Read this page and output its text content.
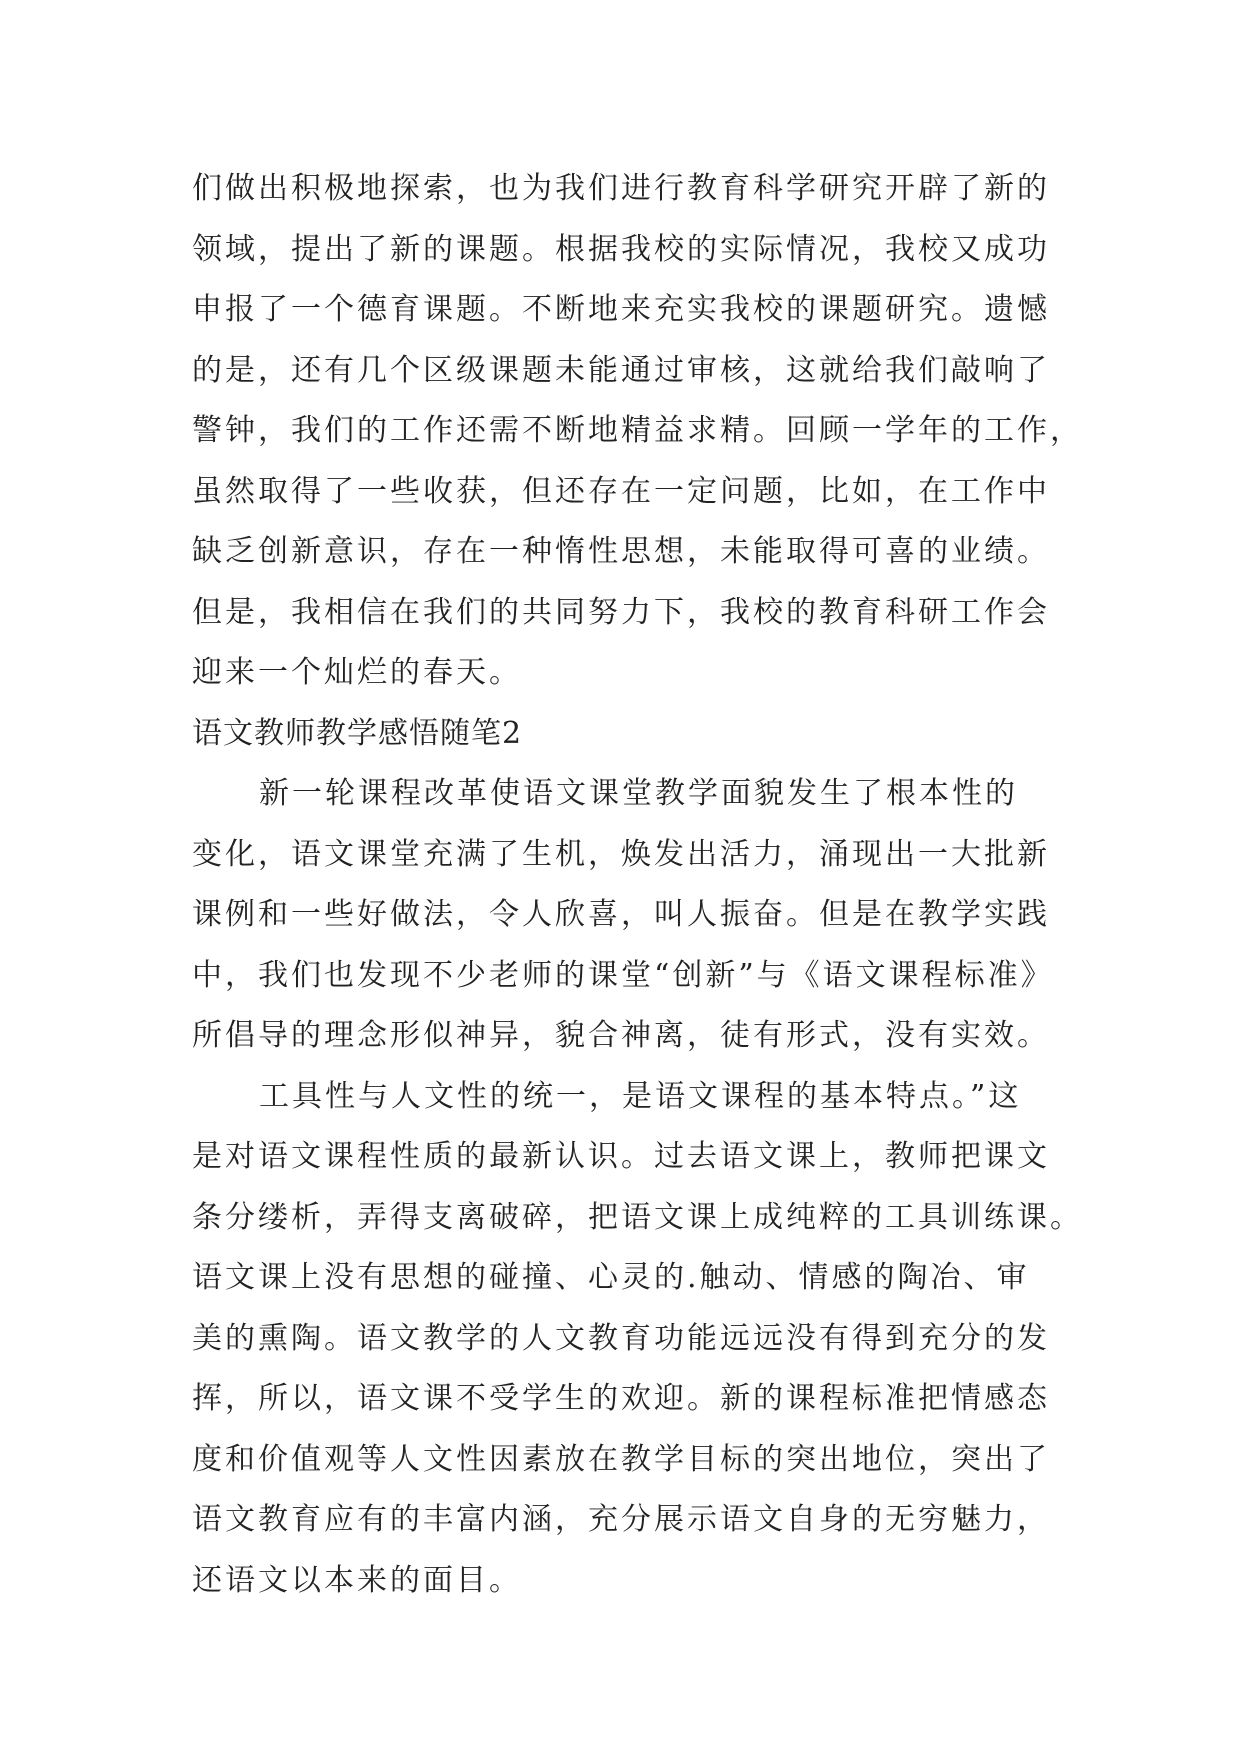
们做出积极地探索，也为我们进行教育科学研究开辟了新的
领域，提出了新的课题。根据我校的实际情况，我校又成功
申报了一个德育课题。不断地来充实我校的课题研究。遗憾
的是，还有几个区级课题未能通过审核，这就给我们敲响了
警钟，我们的工作还需不断地精益求精。回顾一学年的工作，
虽然取得了一些收获，但还存在一定问题，比如，在工作中
缺乏创新意识，存在一种惰性思想，未能取得可喜的业绩。
但是，我相信在我们的共同努力下，我校的教育科研工作会
迎来一个灿烂的春天。
语文教师教学感悟随笔2
新一轮课程改革使语文课堂教学面貌发生了根本性的
变化，语文课堂充满了生机，焕发出活力，涌现出一大批新
课例和一些好做法，令人欣喜，叫人振奋。但是在教学实践
中，我们也发现不少老师的课堂“创新”与《语文课程标准》
所倡导的理念形似神异，貌合神离，徒有形式，没有实效。
工具性与人文性的统一，是语文课程的基本特点。”这
是对语文课程性质的最新认识。过去语文课上，教师把课文
条分缕析，弄得支离破碎，把语文课上成纯粹的工具训练课。
语文课上没有思想的碰撞、心灵的.触动、情感的陶冶、审
美的熏陶。语文教学的人文教育功能远远没有得到充分的发
挥，所以，语文课不受学生的欢迎。新的课程标准把情感态
度和价值观等人文性因素放在教学目标的突出地位，突出了
语文教育应有的丰富内涵，充分展示语文自身的无穷魅力，
还语文以本来的面目。
